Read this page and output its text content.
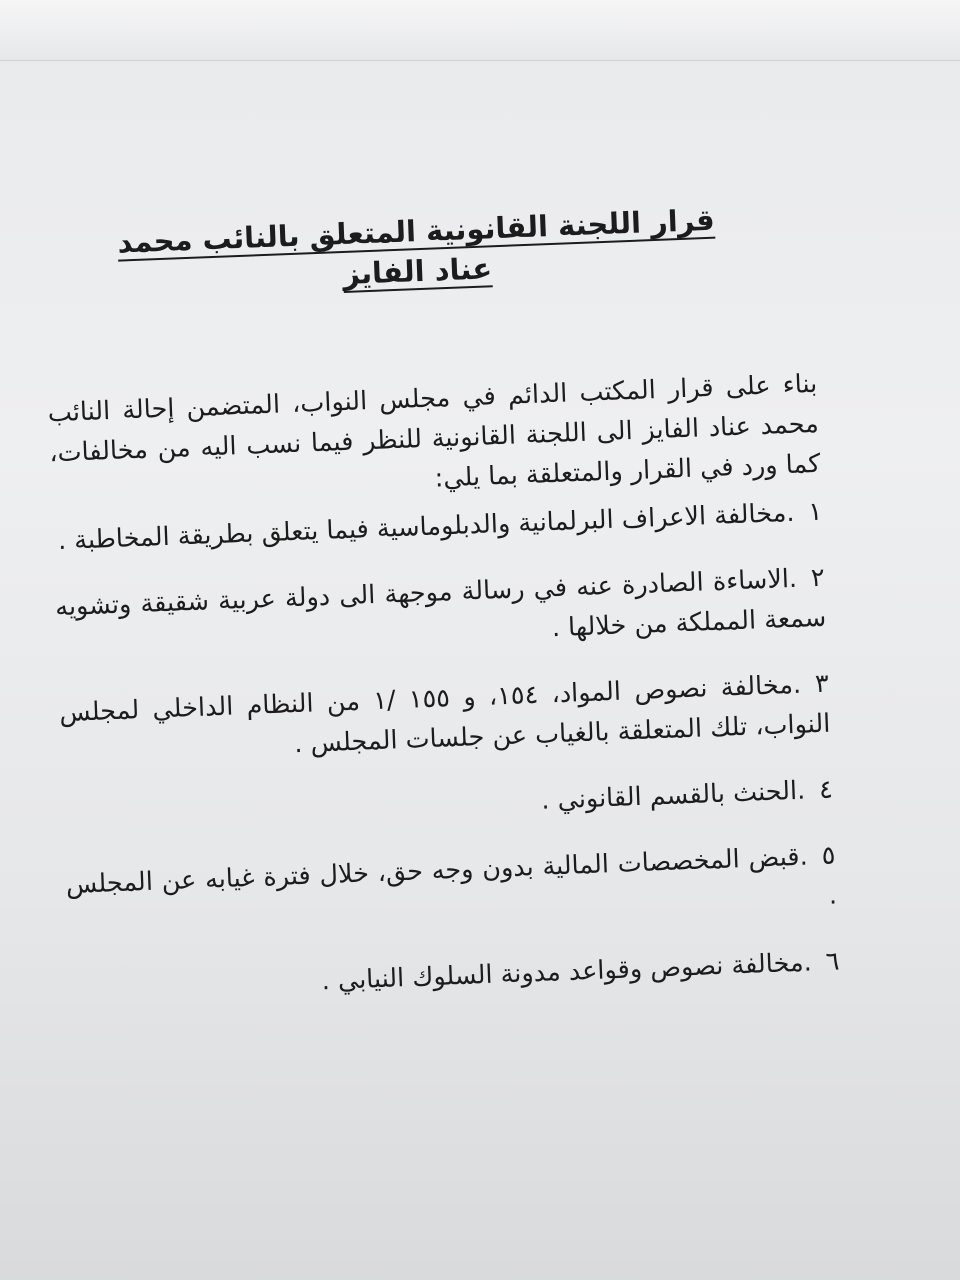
قرار اللجنة القانونية المتعلق بالنائب محمد عناد الفايز

بناء على قرار المكتب الدائم في مجلس النواب، المتضمن إحالة النائب محمد عناد الفايز الى اللجنة القانونية للنظر فيما نسب اليه من مخالفات، كما ورد في القرار والمتعلقة بما يلي:

١.مخالفة الاعراف البرلمانية والدبلوماسية فيما يتعلق بطريقة المخاطبة .
٢.الاساءة الصادرة عنه في رسالة موجهة الى دولة عربية شقيقة وتشويه سمعة المملكة من خلالها .
٣.مخالفة نصوص المواد، ١٥٤، و ١٥٥ /١ من النظام الداخلي لمجلس النواب، تلك المتعلقة بالغياب عن جلسات المجلس .
٤.الحنث بالقسم القانوني .
٥.قبض المخصصات المالية بدون وجه حق، خلال فترة غيابه عن المجلس .
٦.مخالفة نصوص وقواعد مدونة السلوك النيابي .
